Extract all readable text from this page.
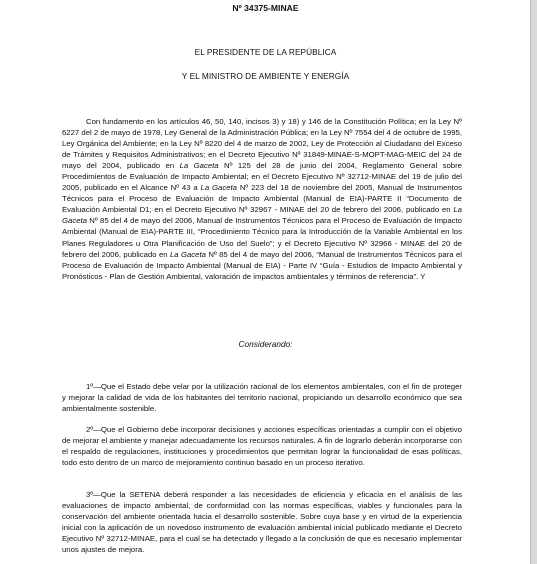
Nº 34375-MINAE
EL PRESIDENTE DE LA REPÚBLICA
Y EL MINISTRO DE AMBIENTE Y ENERGÍA

Con fundamento en los artículos 46, 50, 140, incisos 3) y 18) y 146 de la Constitución Política; en la Ley Nº 6227 del 2 de mayo de 1978, Ley General de la Administración Pública; en la Ley Nº 7554 del 4 de octubre de 1995, Ley Orgánica del Ambiente; en la Ley Nº 8220 del 4 de marzo de 2002, Ley de Protección al Ciudadano del Exceso de Trámites y Requisitos Administrativos; en el Decreto Ejecutivo Nº 31849-MINAE-S-MOPT-MAG-MEIC del 24 de mayo del 2004, publicado en La Gaceta Nº 125 del 28 de junio del 2004, Reglamento General sobre Procedimientos de Evaluación de Impacto Ambiental; en el Decreto Ejecutivo Nº 32712-MINAE del 19 de julio del 2005, publicado en el Alcance Nº 43 a La Gaceta Nº 223 del 18 de noviembre del 2005, Manual de Instrumentos Técnicos para el Proceso de Evaluación de Impacto Ambiental (Manual de EIA)-PARTE II “Documento de Evaluación Ambiental D1; en el Decreto Ejecutivo Nº 32967 - MINAE del 20 de febrero del 2006, publicado en La Gaceta Nº 85 del 4 de mayo del 2006, Manual de Instrumentos Técnicos para el Proceso de Evaluación de Impacto Ambiental (Manual de EIA)-PARTE III, “Procedimiento Técnico para la Introducción de la Variable Ambiental en los Planes Reguladores u Otra Planificación de Uso del Suelo”; y el Decreto Ejecutivo Nº 32966 - MINAE del 20 de febrero del 2006, publicado en La Gaceta Nº 85 del 4 de mayo del 2006, “Manual de Instrumentos Técnicos para el Proceso de Evaluación de Impacto Ambiental (Manual de EIA) - Parte IV “Guía - Estudios de Impacto Ambiental y Pronósticos - Plan de Gestión Ambiental, valoración de impactos ambientales y términos de referencia”. Y

Considerando:

1º—Que el Estado debe velar por la utilización racional de los elementos ambientales, con el fin de proteger y mejorar la calidad de vida de los habitantes del territorio nacional, propiciando un desarrollo económico que sea ambientalmente sostenible.

2º—Que el Gobierno debe incorporar decisiones y acciones específicas orientadas a cumplir con el objetivo de mejorar el ambiente y manejar adecuadamente los recursos naturales. A fin de lograrlo deberán incorporarse con el respaldo de regulaciones, instituciones y procedimientos que permitan lograr la funcionalidad de esas políticas, todo esto dentro de un marco de mejoramiento continuo basado en un proceso iterativo.

3º—Que la SETENA deberá responder a las necesidades de eficiencia y eficacia en el análisis de las evaluaciones de impacto ambiental, de conformidad con las normas específicas, viables y funcionales para la conservación del ambiente orientada hacia el desarrollo sostenible. Sobre cuya base y en virtud de la experiencia inicial con la aplicación de un novedoso instrumento de evaluación ambiental inicial publicado mediante el Decreto Ejecutivo Nº 32712-MINAE, para el cual se ha detectado y llegado a la conclusión de que es necesario implementar unos ajustes de mejora.
